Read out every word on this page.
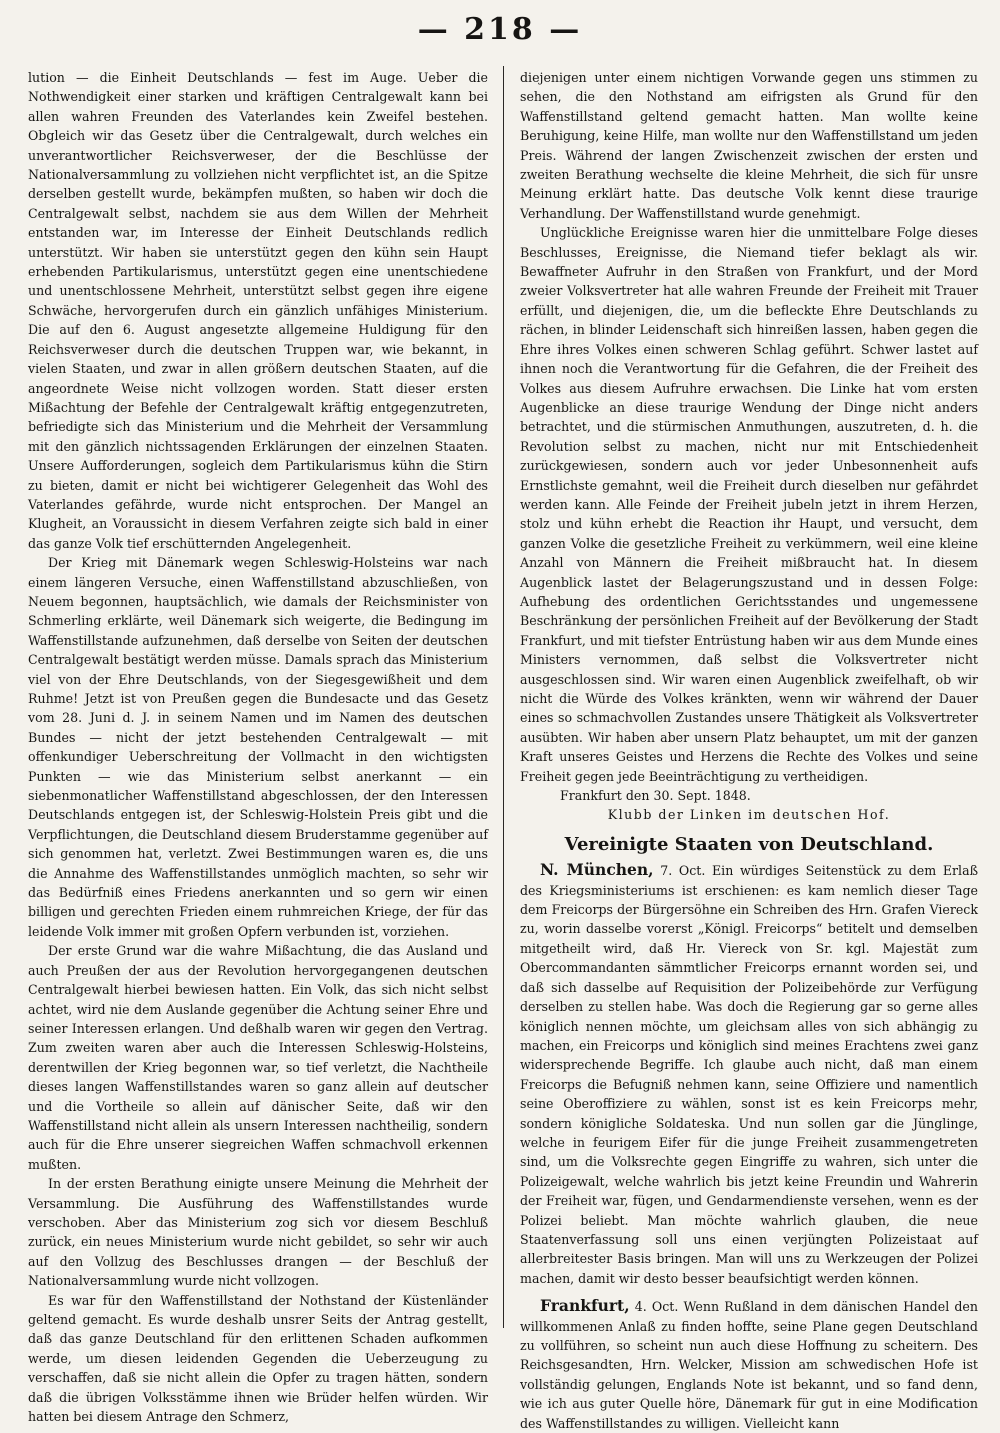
— 218 —

lution — die Einheit Deutschlands — fest im Auge. Ueber die Nothwendigkeit einer starken und kräftigen Centralgewalt kann bei allen wahren Freunden des Vaterlandes kein Zweifel bestehen. Obgleich wir das Gesetz über die Centralgewalt, durch welches ein unverantwortlicher Reichsverweser, der die Beschlüsse der Nationalversammlung zu vollziehen nicht verpflichtet ist, an die Spitze derselben gestellt wurde, bekämpfen mußten, so haben wir doch die Centralgewalt selbst, nachdem sie aus dem Willen der Mehrheit entstanden war, im Interesse der Einheit Deutschlands redlich unterstützt. Wir haben sie unterstützt gegen den kühn sein Haupt erhebenden Partikularismus, unterstützt gegen eine unentschiedene und unentschlossene Mehrheit, unterstützt selbst gegen ihre eigene Schwäche, hervorgerufen durch ein gänzlich unfähiges Ministerium. Die auf den 6. August angesetzte allgemeine Huldigung für den Reichsverweser durch die deutschen Truppen war, wie bekannt, in vielen Staaten, und zwar in allen größern deutschen Staaten, auf die angeordnete Weise nicht vollzogen worden. Statt dieser ersten Mißachtung der Befehle der Centralgewalt kräftig entgegenzutreten, befriedigte sich das Ministerium und die Mehrheit der Versammlung mit den gänzlich nichtssagenden Erklärungen der einzelnen Staaten. Unsere Aufforderungen, sogleich dem Partikularismus kühn die Stirn zu bieten, damit er nicht bei wichtigerer Gelegenheit das Wohl des Vaterlandes gefährde, wurde nicht entsprochen. Der Mangel an Klugheit, an Voraussicht in diesem Verfahren zeigte sich bald in einer das ganze Volk tief erschütternden Angelegenheit.

Der Krieg mit Dänemark wegen Schleswig-Holsteins war nach einem längeren Versuche, einen Waffenstillstand abzuschließen, von Neuem begonnen, hauptsächlich, wie damals der Reichsminister von Schmerling erklärte, weil Dänemark sich weigerte, die Bedingung im Waffenstillstande aufzunehmen, daß derselbe von Seiten der deutschen Centralgewalt bestätigt werden müsse. Damals sprach das Ministerium viel von der Ehre Deutschlands, von der Siegesgewißheit und dem Ruhme! Jetzt ist von Preußen gegen die Bundesacte und das Gesetz vom 28. Juni d. J. in seinem Namen und im Namen des deutschen Bundes — nicht der jetzt bestehenden Centralgewalt — mit offenkundiger Ueberschreitung der Vollmacht in den wichtigsten Punkten — wie das Ministerium selbst anerkannt — ein siebenmonatlicher Waffenstillstand abgeschlossen, der den Interessen Deutschlands entgegen ist, der Schleswig-Holstein Preis gibt und die Verpflichtungen, die Deutschland diesem Bruderstamme gegenüber auf sich genommen hat, verletzt. Zwei Bestimmungen waren es, die uns die Annahme des Waffenstillstandes unmöglich machten, so sehr wir das Bedürfniß eines Friedens anerkannten und so gern wir einen billigen und gerechten Frieden einem ruhmreichen Kriege, der für das leidende Volk immer mit großen Opfern verbunden ist, vorziehen.

Der erste Grund war die wahre Mißachtung, die das Ausland und auch Preußen der aus der Revolution hervorgegangenen deutschen Centralgewalt hierbei bewiesen hatten. Ein Volk, das sich nicht selbst achtet, wird nie dem Auslande gegenüber die Achtung seiner Ehre und seiner Interessen erlangen. Und deßhalb waren wir gegen den Vertrag. Zum zweiten waren aber auch die Interessen Schleswig-Holsteins, derentwillen der Krieg begonnen war, so tief verletzt, die Nachtheile dieses langen Waffenstillstandes waren so ganz allein auf deutscher und die Vortheile so allein auf dänischer Seite, daß wir den Waffenstillstand nicht allein als unsern Interessen nachtheilig, sondern auch für die Ehre unserer siegreichen Waffen schmachvoll erkennen mußten.

In der ersten Berathung einigte unsere Meinung die Mehrheit der Versammlung. Die Ausführung des Waffenstillstandes wurde verschoben. Aber das Ministerium zog sich vor diesem Beschluß zurück, ein neues Ministerium wurde nicht gebildet, so sehr wir auch auf den Vollzug des Beschlusses drangen — der Beschluß der Nationalversammlung wurde nicht vollzogen.

Es war für den Waffenstillstand der Nothstand der Küstenländer geltend gemacht. Es wurde deshalb unsrer Seits der Antrag gestellt, daß das ganze Deutschland für den erlittenen Schaden aufkommen werde, um diesen leidenden Gegenden die Ueberzeugung zu verschaffen, daß sie nicht allein die Opfer zu tragen hätten, sondern daß die übrigen Volksstämme ihnen wie Brüder helfen würden. Wir hatten bei diesem Antrage den Schmerz,

diejenigen unter einem nichtigen Vorwande gegen uns stimmen zu sehen, die den Nothstand am eifrigsten als Grund für den Waffenstillstand geltend gemacht hatten. Man wollte keine Beruhigung, keine Hilfe, man wollte nur den Waffenstillstand um jeden Preis. Während der langen Zwischenzeit zwischen der ersten und zweiten Berathung wechselte die kleine Mehrheit, die sich für unsre Meinung erklärt hatte. Das deutsche Volk kennt diese traurige Verhandlung. Der Waffenstillstand wurde genehmigt.

Unglückliche Ereignisse waren hier die unmittelbare Folge dieses Beschlusses, Ereignisse, die Niemand tiefer beklagt als wir. Bewaffneter Aufruhr in den Straßen von Frankfurt, und der Mord zweier Volksvertreter hat alle wahren Freunde der Freiheit mit Trauer erfüllt, und diejenigen, die, um die befleckte Ehre Deutschlands zu rächen, in blinder Leidenschaft sich hinreißen lassen, haben gegen die Ehre ihres Volkes einen schweren Schlag geführt. Schwer lastet auf ihnen noch die Verantwortung für die Gefahren, die der Freiheit des Volkes aus diesem Aufruhre erwachsen. Die Linke hat vom ersten Augenblicke an diese traurige Wendung der Dinge nicht anders betrachtet, und die stürmischen Anmuthungen, auszutreten, d. h. die Revolution selbst zu machen, nicht nur mit Entschiedenheit zurückgewiesen, sondern auch vor jeder Unbesonnenheit aufs Ernstlichste gemahnt, weil die Freiheit durch dieselben nur gefährdet werden kann. Alle Feinde der Freiheit jubeln jetzt in ihrem Herzen, stolz und kühn erhebt die Reaction ihr Haupt, und versucht, dem ganzen Volke die gesetzliche Freiheit zu verkümmern, weil eine kleine Anzahl von Männern die Freiheit mißbraucht hat. In diesem Augenblick lastet der Belagerungszustand und in dessen Folge: Aufhebung des ordentlichen Gerichtsstandes und ungemessene Beschränkung der persönlichen Freiheit auf der Bevölkerung der Stadt Frankfurt, und mit tiefster Entrüstung haben wir aus dem Munde eines Ministers vernommen, daß selbst die Volksvertreter nicht ausgeschlossen sind. Wir waren einen Augenblick zweifelhaft, ob wir nicht die Würde des Volkes kränkten, wenn wir während der Dauer eines so schmachvollen Zustandes unsere Thätigkeit als Volksvertreter ausübten. Wir haben aber unsern Platz behauptet, um mit der ganzen Kraft unseres Geistes und Herzens die Rechte des Volkes und seine Freiheit gegen jede Beeinträchtigung zu vertheidigen.

Frankfurt den 30. Sept. 1848.

Klubb der Linken im deutschen Hof.

Vereinigte Staaten von Deutschland.

N. München, 7. Oct. Ein würdiges Seitenstück zu dem Erlaß des Kriegsministeriums ist erschienen: es kam nemlich dieser Tage dem Freicorps der Bürgersöhne ein Schreiben des Hrn. Grafen Viereck zu, worin dasselbe vorerst „Königl. Freicorps“ betitelt und demselben mitgetheilt wird, daß Hr. Viereck von Sr. kgl. Majestät zum Obercommandanten sämmtlicher Freicorps ernannt worden sei, und daß sich dasselbe auf Requisition der Polizeibehörde zur Verfügung derselben zu stellen habe. Was doch die Regierung gar so gerne alles königlich nennen möchte, um gleichsam alles von sich abhängig zu machen, ein Freicorps und königlich sind meines Erachtens zwei ganz widersprechende Begriffe. Ich glaube auch nicht, daß man einem Freicorps die Befugniß nehmen kann, seine Offiziere und namentlich seine Oberoffiziere zu wählen, sonst ist es kein Freicorps mehr, sondern königliche Soldateska. Und nun sollen gar die Jünglinge, welche in feurigem Eifer für die junge Freiheit zusammengetreten sind, um die Volksrechte gegen Eingriffe zu wahren, sich unter die Polizeigewalt, welche wahrlich bis jetzt keine Freundin und Wahrerin der Freiheit war, fügen, und Gendarmendienste versehen, wenn es der Polizei beliebt. Man möchte wahrlich glauben, die neue Staatenverfassung soll uns einen verjüngten Polizeistaat auf allerbreitester Basis bringen. Man will uns zu Werkzeugen der Polizei machen, damit wir desto besser beaufsichtigt werden können.

Frankfurt, 4. Oct. Wenn Rußland in dem dänischen Handel den willkommenen Anlaß zu finden hoffte, seine Plane gegen Deutschland zu vollführen, so scheint nun auch diese Hoffnung zu scheitern. Des Reichsgesandten, Hrn. Welcker, Mission am schwedischen Hofe ist vollständig gelungen, Englands Note ist bekannt, und so fand denn, wie ich aus guter Quelle höre, Dänemark für gut in eine Modification des Waffenstillstandes zu willigen. Vielleicht kann
